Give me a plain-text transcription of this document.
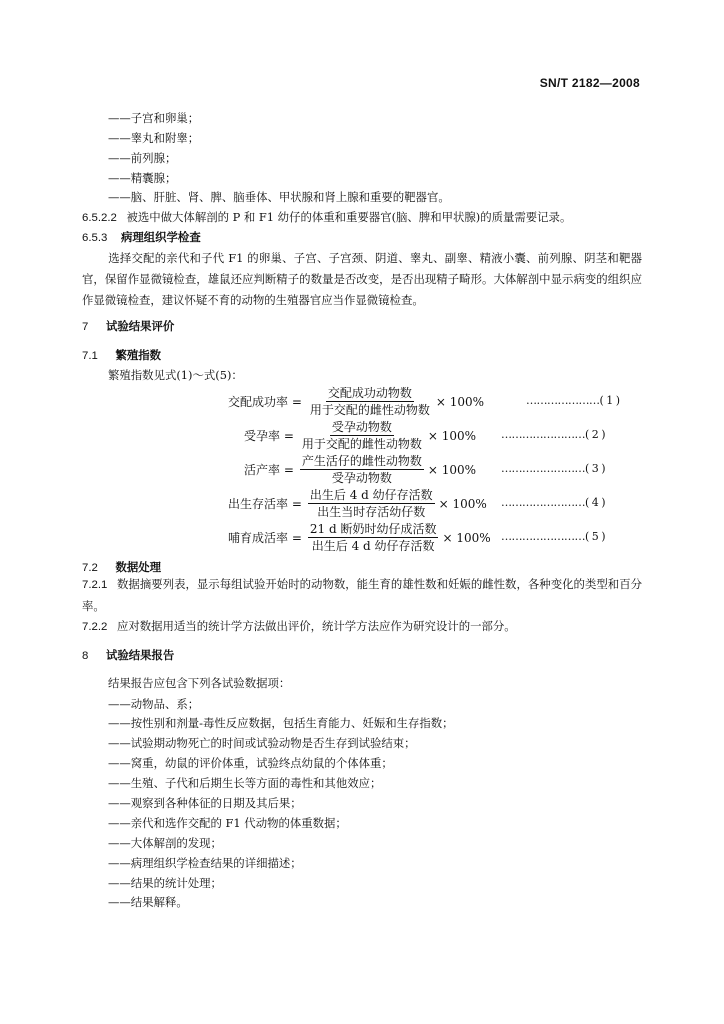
SN/T 2182—2008
——子宫和卵巢；
——睾丸和附睾；
——前列腺；
——精囊腺；
——脑、肝脏、肾、脾、脑垂体、甲状腺和肾上腺和重要的靶器官。
6.5.2.2 被选中做大体解剖的 P 和 F1 幼仔的体重和重要器官(脑、脾和甲状腺)的质量需要记录。
6.5.3 病理组织学检查
选择交配的亲代和子代 F1 的卵巢、子宫、子宫颈、阴道、睾丸、副睾、精液小囊、前列腺、阴茎和靶器官，保留作显微镜检查，雄鼠还应判断精子的数量是否改变，是否出现精子畸形。大体解剖中显示病变的组织应作显微镜检查，建议怀疑不育的动物的生殖器官应当作显微镜检查。
7 试验结果评价
7.1 繁殖指数
繁殖指数见式(1)～式(5)：
交配成功率 = $\frac{\text{交配成功动物数}}{\text{用于交配的雌性动物数}} \times 100\%$	…………………( 1 )
受孕率 = $\frac{\text{受孕动物数}}{\text{用于交配的雌性动物数}} \times 100\%$ ……………………( 2 )
活产率 = $\frac{\text{产生活仔的雌性动物数}}{\text{受孕动物数}} \times 100\%$ ……………………( 3 )
出生存活率 = $\frac{\text{出生后 4 d 幼仔存活数}}{\text{出生当时存活幼仔数}} \times 100\%$ ……………………( 4 )
哺育成活率 = $\frac{\text{21 d 断奶时幼仔成活数}}{\text{出生后 4 d 幼仔存活数}} \times 100\%$ ……………………( 5 )
7.2 数据处理
7.2.1 数据摘要列表，显示每组试验开始时的动物数，能生育的雄性数和妊娠的雌性数，各种变化的类型和百分率。
7.2.2 应对数据用适当的统计学方法做出评价，统计学方法应作为研究设计的一部分。
8 试验结果报告
结果报告应包含下列各试验数据项：
——动物品、系；
——按性别和剂量-毒性反应数据，包括生育能力、妊娠和生存指数；
——试验期动物死亡的时间或试验动物是否生存到试验结束；
——窝重，幼鼠的评价体重，试验终点幼鼠的个体体重；
——生殖、子代和后期生长等方面的毒性和其他效应；
——观察到各种体征的日期及其后果；
——亲代和选作交配的 F1 代动物的体重数据；
——大体解剖的发现；
——病理组织学检查结果的详细描述；
——结果的统计处理；
——结果解释。
